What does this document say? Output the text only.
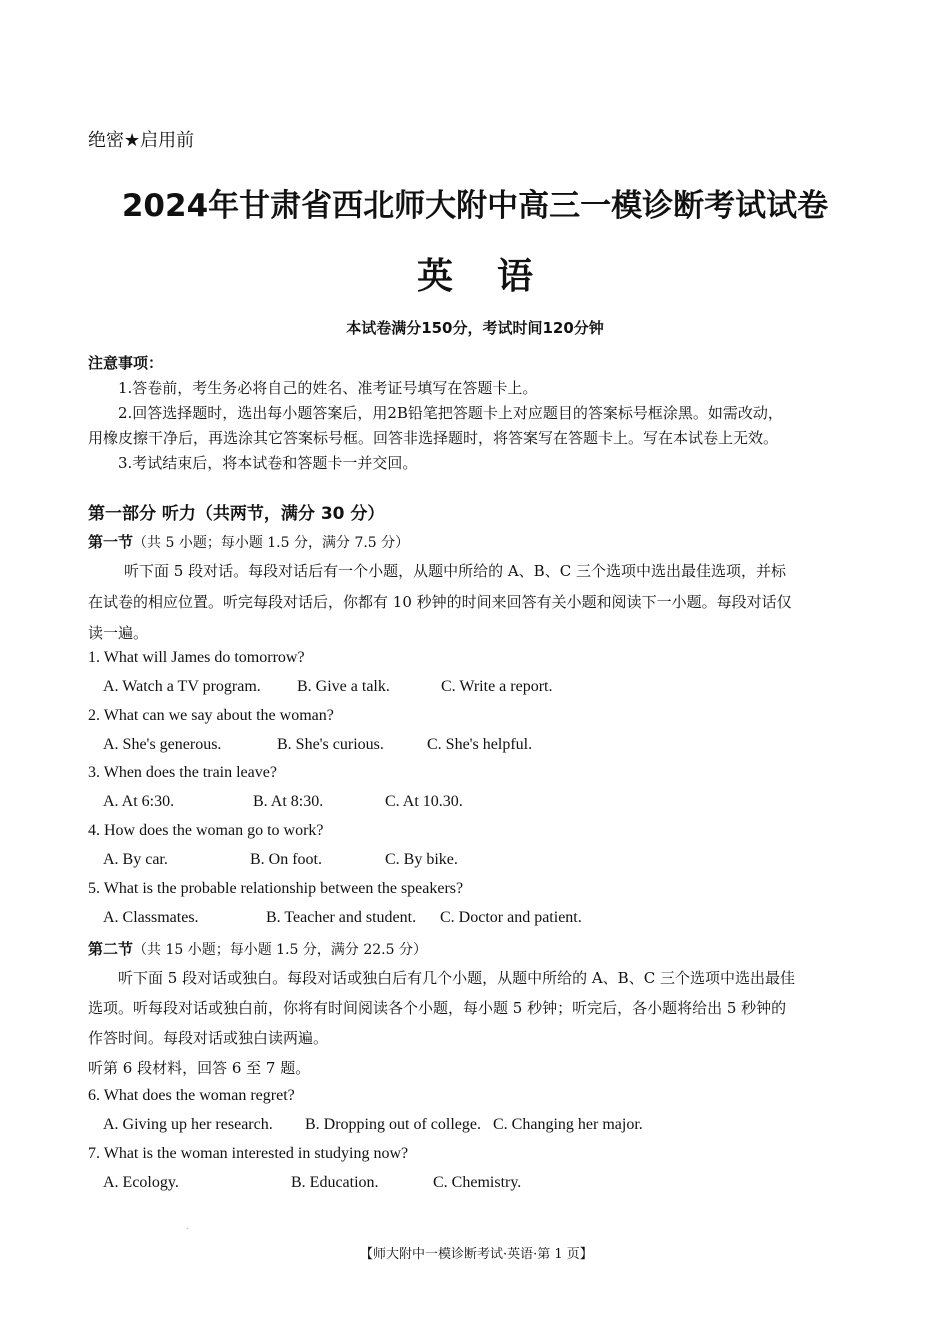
绝密★启用前
2024年甘肃省西北师大附中高三一模诊断考试试卷
英语
本试卷满分150分，考试时间120分钟
注意事项：
1.答卷前，考生务必将自己的姓名、准考证号填写在答题卡上。
2.回答选择题时，选出每小题答案后，用2B铅笔把答题卡上对应题目的答案标号框涂黑。如需改动，
用橡皮擦干净后，再选涂其它答案标号框。回答非选择题时，将答案写在答题卡上。写在本试卷上无效。
3.考试结束后，将本试卷和答题卡一并交回。
第一部分 听力（共两节，满分 30 分）
第一节（共 5 小题；每小题 1.5 分，满分 7.5 分）
听下面 5 段对话。每段对话后有一个小题，从题中所给的 A、B、C 三个选项中选出最佳选项，并标
在试卷的相应位置。听完每段对话后，你都有 10 秒钟的时间来回答有关小题和阅读下一小题。每段对话仅
读一遍。
1. What will James do tomorrow?
A. Watch a TV program. B. Give a talk.	C. Write a report.
2. What can we say about the woman?
A. She's generous.	B. She's curious.	C. She's helpful.
3. When does the train leave?
A. At 6:30.	B. At 8:30.	C. At 10.30.
4. How does the woman go to work?
A. By car.	B. On foot.	C. By bike.
5. What is the probable relationship between the speakers?
A. Classmates.	B. Teacher and student. C. Doctor and patient.
第二节（共 15 小题；每小题 1.5 分，满分 22.5 分）
听下面 5 段对话或独白。每段对话或独白后有几个小题，从题中所给的 A、B、C 三个选项中选出最佳
选项。听每段对话或独白前，你将有时间阅读各个小题，每小题 5 秒钟；听完后，各小题将给出 5 秒钟的
作答时间。每段对话或独白读两遍。
听第 6 段材料，回答 6 至 7 题。
6. What does the woman regret?
A. Giving up her research. B. Dropping out of college. C. Changing her major.
7. What is the woman interested in studying now?
A. Ecology.	B. Education.	C. Chemistry.
.
【师大附中一模诊断考试·英语·第 1 页】
